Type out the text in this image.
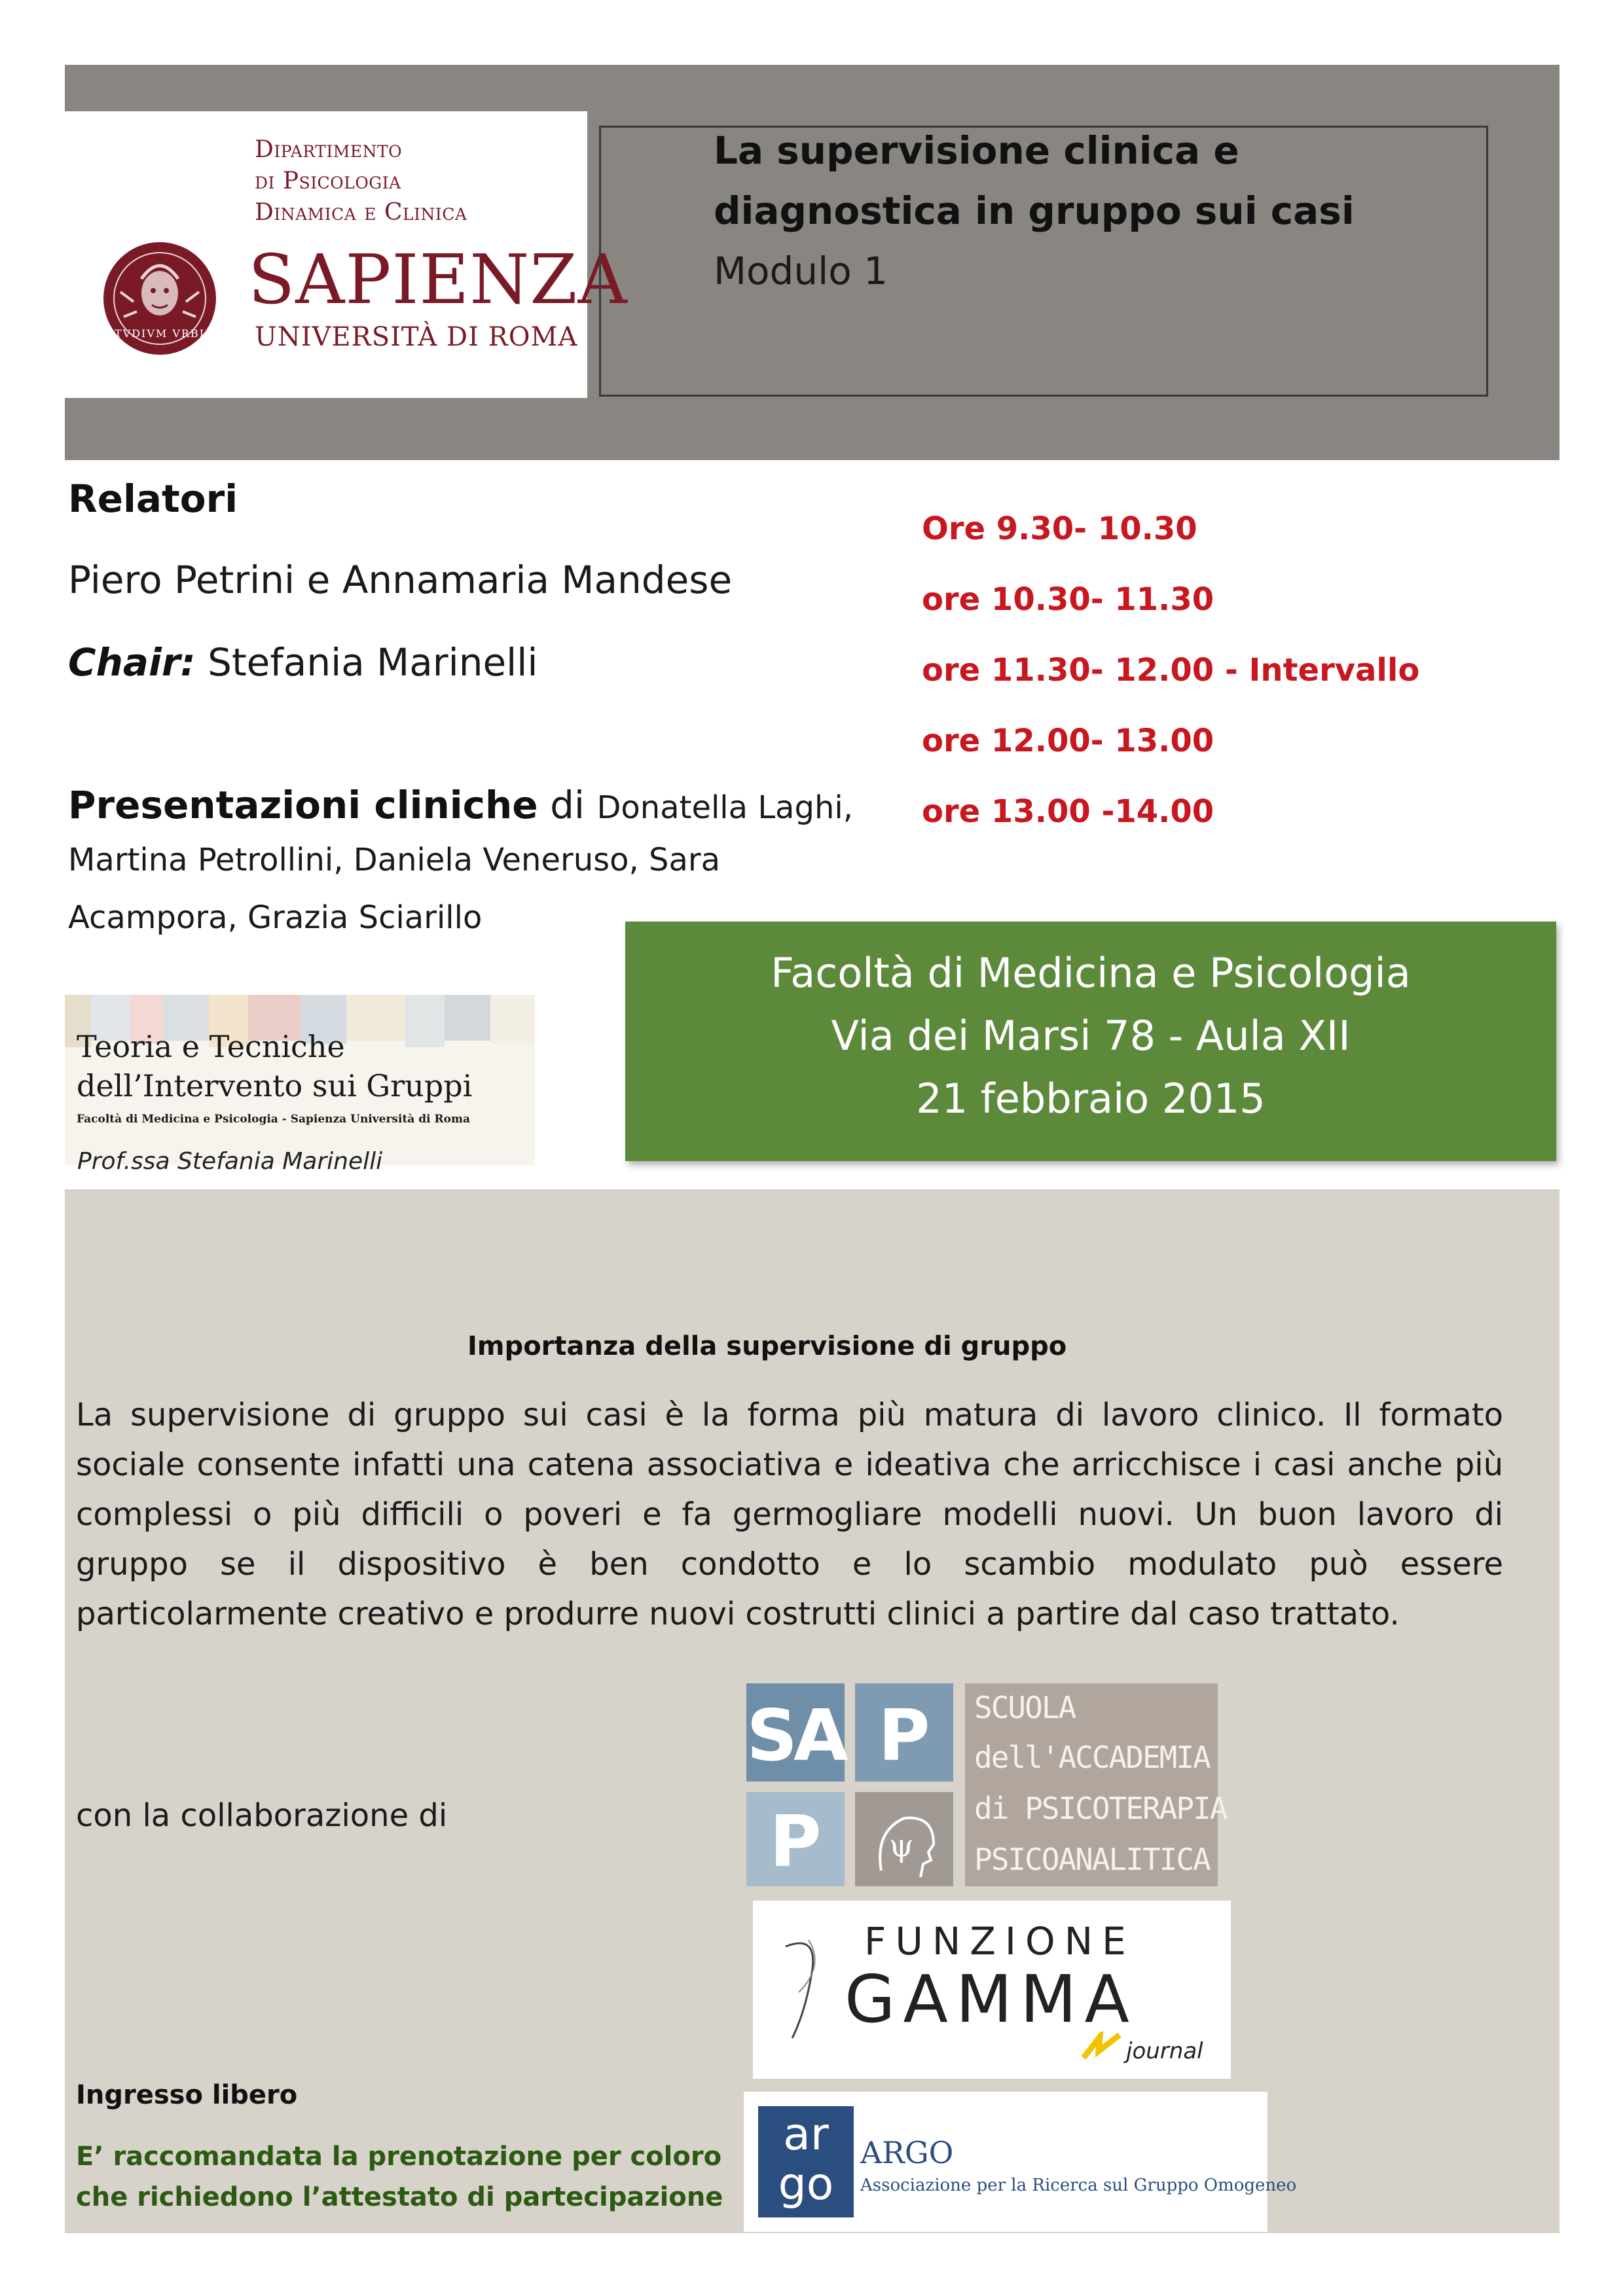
Dipartimento
di Psicologia
Dinamica e Clinica
STVDIVM VRBIS
SAPIENZA
UNIVERSITÀ DI ROMA
La supervisione clinica e
diagnostica in gruppo sui casi
Modulo 1
Relatori
Piero Petrini e Annamaria Mandese
Chair: Stefania Marinelli
Presentazioni cliniche di Donatella Laghi,
Martina Petrollini, Daniela Veneruso, Sara
Acampora, Grazia Sciarillo
Ore 9.30- 10.30
ore 10.30- 11.30
ore 11.30- 12.00 - Intervallo
ore 12.00- 13.00
ore 13.00 -14.00
Facoltà di Medicina e Psicologia
Via dei Marsi 78 - Aula XII
21 febbraio 2015
Teoria e Tecniche
dell’Intervento sui Gruppi
Facoltà di Medicina e Psicologia - Sapienza Università di Roma
Prof.ssa Stefania Marinelli
Importanza della supervisione di gruppo
La supervisione di gruppo sui casi è la forma più matura di lavoro clinico. Il formato
sociale consente infatti una catena associativa e ideativa che arricchisce i casi anche più
complessi o più difficili o poveri e fa germogliare modelli nuovi. Un buon lavoro di
gruppo se il dispositivo è ben condotto e lo scambio modulato può essere
particolarmente creativo e produrre nuovi costrutti clinici a partire dal caso trattato.
con la collaborazione di
SA P
P	ψ
SCUOLA
dell'ACCADEMIA
di PSICOTERAPIA
PSICOANALITICA
FUNZIONE
GAMMA
journal
ar
go
ARGO
Associazione per la Ricerca sul Gruppo Omogeneo
Ingresso libero
E’ raccomandata la prenotazione per coloro
che richiedono l’attestato di partecipazione
